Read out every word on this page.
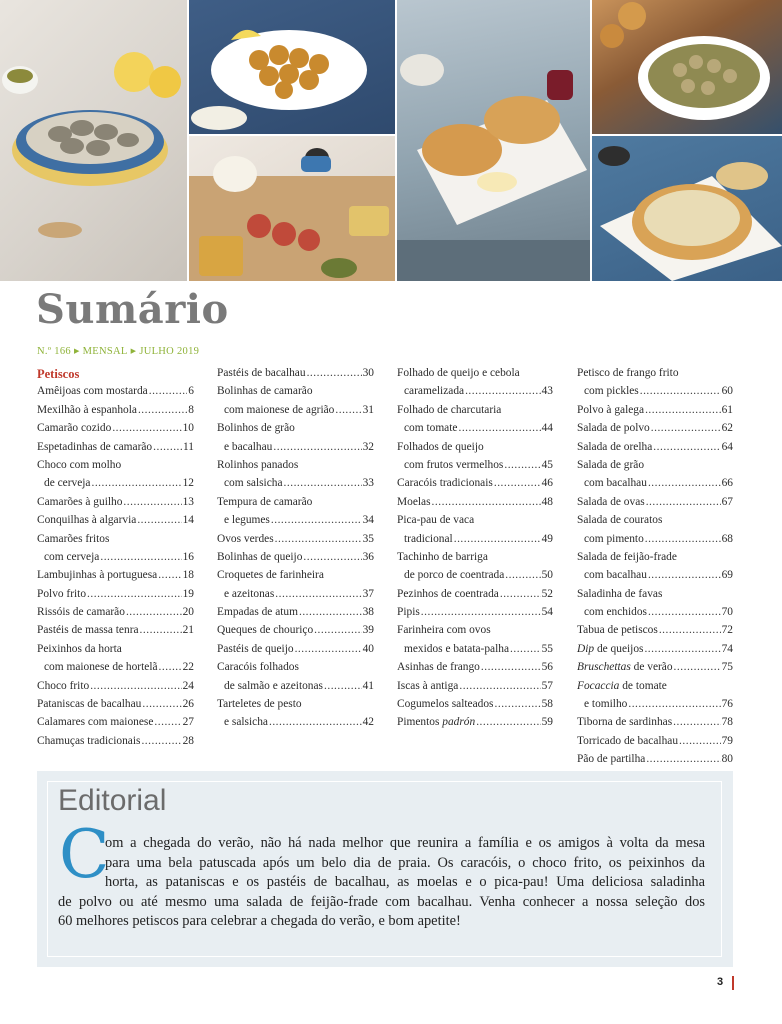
Sumário
N.º 166 ▶ MENSAL ▶ JULHO 2019
Petiscos
Amêijoas com mostarda .....	6
Mexilhão à espanhola .....	8
Camarão cozido .....	10
Espetadinhas de camarão .....	11
Choco com molho
de cerveja .....	12
Camarões à guilho .....	13
Conquilhas à algarvia .....	14
Camarões fritos
com cerveja .....	16
Lambujinhas à portuguesa ..... 18
Polvo frito .....	19
Rissóis de camarão .....	20
Pastéis de massa tenra .....	21
Peixinhos da horta
com maionese de hortelã ..... 22
Choco frito .....	24
Pataniscas de bacalhau .....	26
Calamares com maionese .....	27
Chamuças tradicionais .....	28
Pastéis de bacalhau .....	30
Bolinhas de camarão
com maionese de agrião ..... 31
Bolinhos de grão
e bacalhau .....	32
Rolinhos panados
com salsicha .....	33
Tempura de camarão
e legumes .....	34
Ovos verdes .....	35
Bolinhas de queijo .....	36
Croquetes de farinheira
e azeitonas .....	37
Empadas de atum .....	38
Queques de chouriço .....	39
Pastéis de queijo .....	40
Caracóis folhados
de salmão e azeitonas .....	41
Tarteletes de pesto
e salsicha .....	42
Folhado de queijo e cebola
caramelizada .....	43
Folhado de charcutaria
com tomate .....	44
Folhados de queijo
com frutos vermelhos .....	45
Caracóis tradicionais .....	46
Moelas .....	48
Pica-pau de vaca
tradicional .....	49
Tachinho de barriga
de porco de coentrada .....	50
Pezinhos de coentrada .....	52
Pipis .....	54
Farinheira com ovos
mexidos e batata-palha .....	55
Asinhas de frango .....	56
Iscas à antiga .....	57
Cogumelos salteados .....	58
Pimentos padrón .....	59
Petisco de frango frito
com pickles .....	60
Polvo à galega .....	61
Salada de polvo .....	62
Salada de orelha .....	64
Salada de grão
com bacalhau .....	66
Salada de ovas .....	67
Salada de couratos
com pimento .....	68
Salada de feijão-frade
com bacalhau .....	69
Saladinha de favas
com enchidos .....	70
Tabua de petiscos .....	72
Dip de queijos .....	74
Bruschettas de verão .....	75
Focaccia de tomate
e tomilho .....	76
Tiborna de sardinhas .....	78
Torricado de bacalhau .....	79
Pão de partilha .....	80
Editorial
C
om a chegada do verão, não há nada melhor que reunira a família e os amigos à volta da mesa
para uma bela patuscada após um belo dia de praia. Os caracóis, o choco frito, os peixinhos da
horta, as pataniscas e os pastéis de bacalhau, as moelas e o pica-pau! Uma deliciosa saladinha
de polvo ou até mesmo uma salada de feijão-frade com bacalhau. Venha conhecer a nossa seleção dos
60 melhores petiscos para celebrar a chegada do verão, e bom apetite!
3
